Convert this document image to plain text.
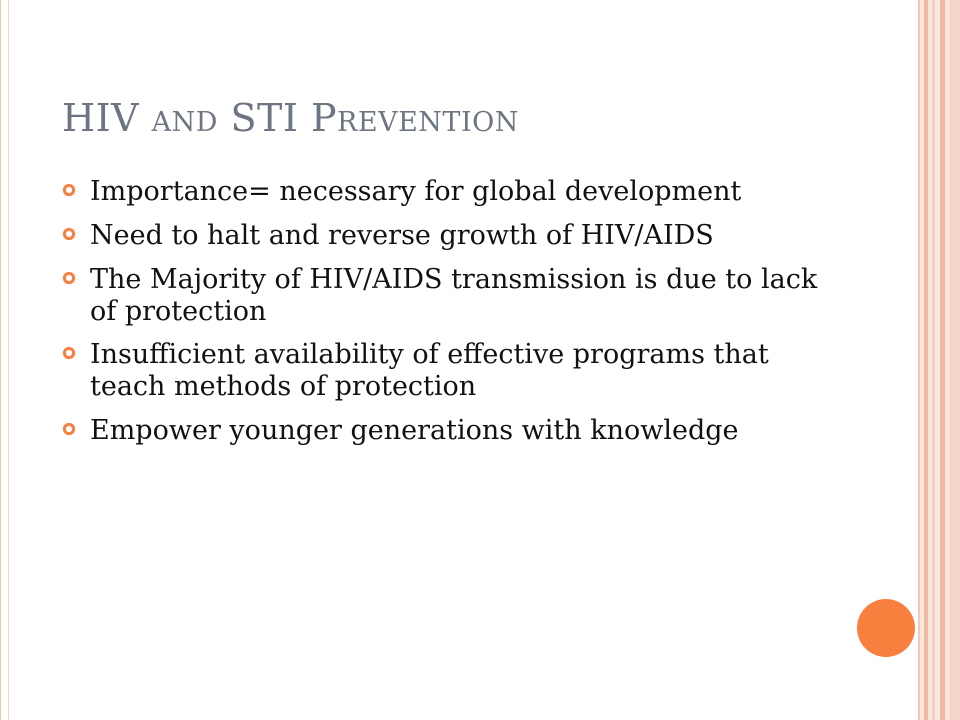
HIV and STI Prevention
Importance= necessary for global development
Need to halt and reverse growth of HIV/AIDS
The Majority of HIV/AIDS transmission is due to lack of protection
Insufficient availability of effective programs that teach methods of protection
Empower younger generations with knowledge
